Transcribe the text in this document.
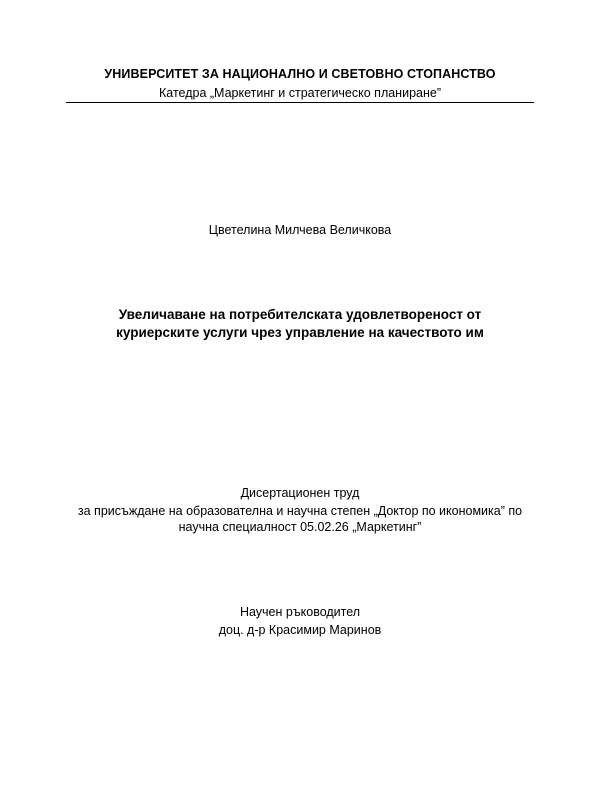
УНИВЕРСИТЕТ ЗА НАЦИОНАЛНО И СВЕТОВНО СТОПАНСТВО

Катедра „Маркетинг и стратегическо планиране”

Цветелина Милчева Величкова

Увеличаване на потребителската удовлетвореност от
куриерските услуги чрез управление на качеството им

Дисертационен труд

за присъждане на образователна и научна степен „Доктор по икономика” по
научна специалност 05.02.26 „Маркетинг”

Научен ръководител

доц. д-р Красимир Маринов
